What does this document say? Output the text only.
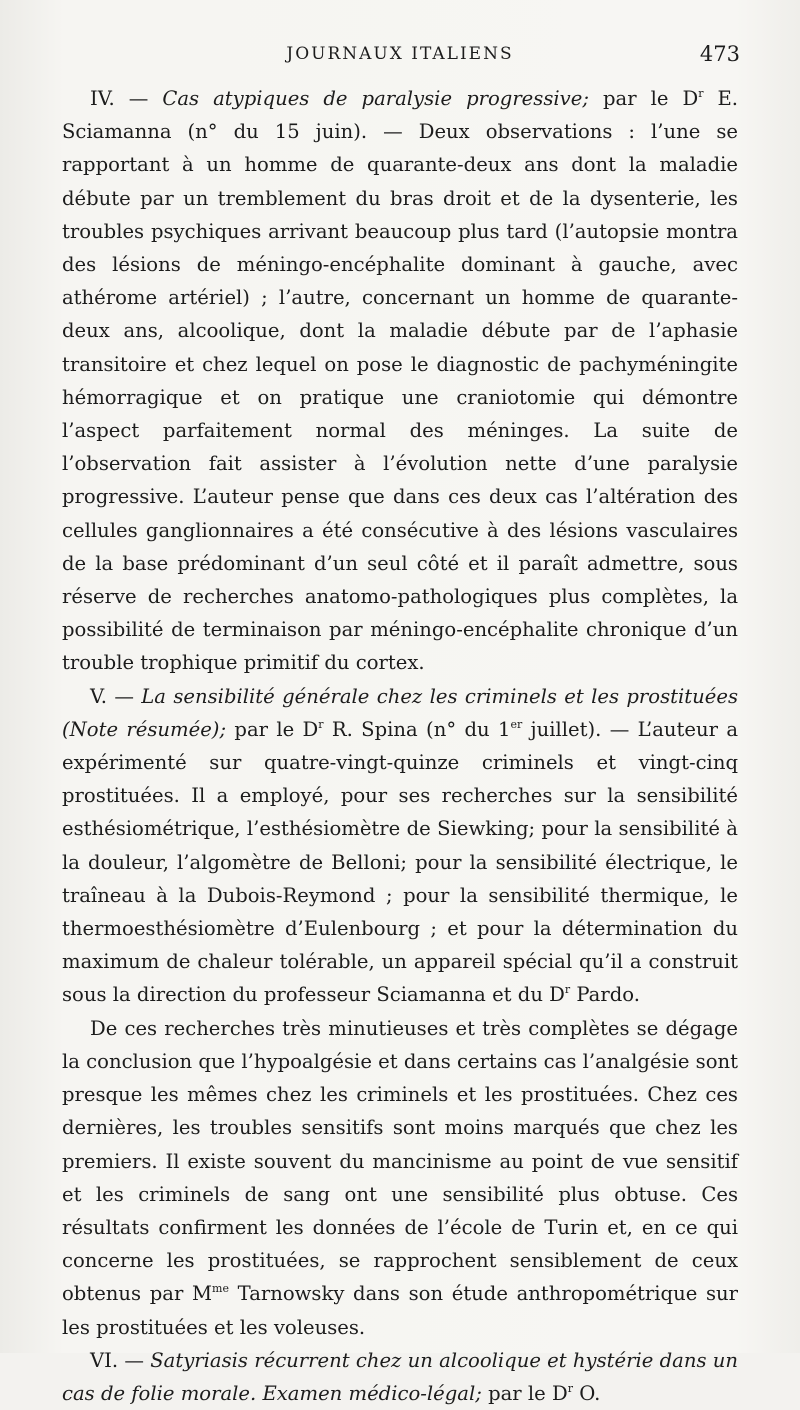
JOURNAUX ITALIENS	473

IV. — Cas atypiques de paralysie progressive; par le $D^r$ E. Sciamanna (n° du 15 juin). — Deux observations : l’une se rapportant à un homme de quarante-deux ans dont la maladie débute par un tremblement du bras droit et de la dysenterie, les troubles psychiques arrivant beaucoup plus tard (l’autopsie montra des lésions de méningo-encéphalite dominant à gauche, avec athérome artériel) ; l’autre, concernant un homme de quarante-deux ans, alcoolique, dont la maladie débute par de l’aphasie transitoire et chez lequel on pose le diagnostic de pachyméningite hémorragique et on pratique une craniotomie qui démontre l’aspect parfaitement normal des méninges. La suite de l’observation fait assister à l’évolution nette d’une paralysie progressive. L’auteur pense que dans ces deux cas l’altération des cellules ganglionnaires a été consécutive à des lésions vasculaires de la base prédominant d’un seul côté et il paraît admettre, sous réserve de recherches anatomo-pathologiques plus complètes, la possibilité de terminaison par méningo-encéphalite chronique d’un trouble trophique primitif du cortex.

V. — La sensibilité générale chez les criminels et les prostituées (Note résumée); par le $D^r$ R. Spina (n° du 1er juillet). — L’auteur a expérimenté sur quatre-vingt-quinze criminels et vingt-cinq prostituées. Il a employé, pour ses recherches sur la sensibilité esthésiométrique, l’esthésiomètre de Siewking; pour la sensibilité à la douleur, l’algomètre de Belloni; pour la sensibilité électrique, le traîneau à la Dubois-Reymond ; pour la sensibilité thermique, le thermoesthésiomètre d’Eulenbourg ; et pour la détermination du maximum de chaleur tolérable, un appareil spécial qu’il a construit sous la direction du professeur Sciamanna et du $D^r$ Pardo.

De ces recherches très minutieuses et très complètes se dégage la conclusion que l’hypoalgésie et dans certains cas l’analgésie sont presque les mêmes chez les criminels et les prostituées. Chez ces dernières, les troubles sensitifs sont moins marqués que chez les premiers. Il existe souvent du mancinisme au point de vue sensitif et les criminels de sang ont une sensibilité plus obtuse. Ces résultats confirment les données de l’école de Turin et, en ce qui concerne les prostituées, se rapprochent sensiblement de ceux obtenus par $M^{me}$ Tarnowsky dans son étude anthropométrique sur les prostituées et les voleuses.

VI. — Satyriasis récurrent chez un alcoolique et hystérie dans un cas de folie morale. Examen médico-légal; par le $D^r$ O.
